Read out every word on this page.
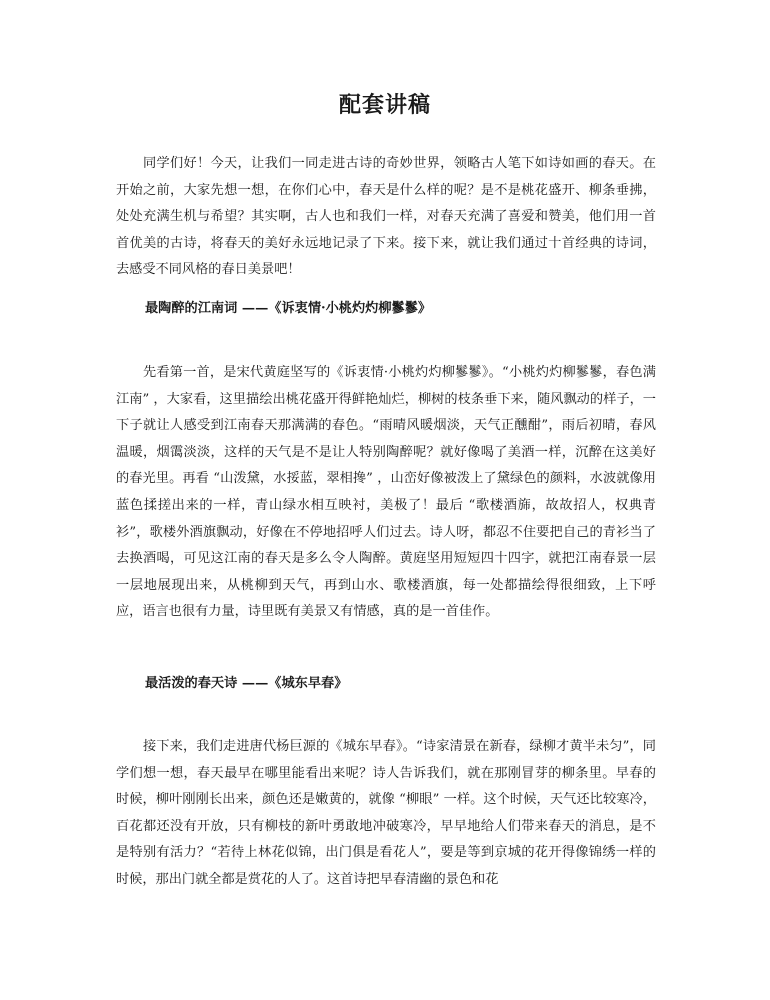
配套讲稿

同学们好！今天，让我们一同走进古诗的奇妙世界，领略古人笔下如诗如画的春天。在开始之前，大家先想一想，在你们心中，春天是什么样的呢？是不是桃花盛开、柳条垂拂，处处充满生机与希望？其实啊，古人也和我们一样，对春天充满了喜爱和赞美，他们用一首首优美的古诗，将春天的美好永远地记录了下来。接下来，就让我们通过十首经典的诗词，去感受不同风格的春日美景吧！

最陶醉的江南词 ——《诉衷情·小桃灼灼柳鬖鬖》

先看第一首，是宋代黄庭坚写的《诉衷情·小桃灼灼柳鬖鬖》。“小桃灼灼柳鬖鬖，春色满江南” ，大家看，这里描绘出桃花盛开得鲜艳灿烂，柳树的枝条垂下来，随风飘动的样子，一下子就让人感受到江南春天那满满的春色。“雨晴风暖烟淡，天气正醺酣”，雨后初晴，春风温暖，烟霭淡淡，这样的天气是不是让人特别陶醉呢？就好像喝了美酒一样，沉醉在这美好的春光里。再看 “山泼黛，水挼蓝，翠相搀” ，山峦好像被泼上了黛绿色的颜料，水波就像用蓝色揉搓出来的一样，青山绿水相互映衬，美极了！最后 “歌楼酒旆，故故招人，权典青衫”，歌楼外酒旗飘动，好像在不停地招呼人们过去。诗人呀，都忍不住要把自己的青衫当了去换酒喝，可见这江南的春天是多么令人陶醉。黄庭坚用短短四十四字，就把江南春景一层一层地展现出来，从桃柳到天气，再到山水、歌楼酒旗，每一处都描绘得很细致，上下呼应，语言也很有力量，诗里既有美景又有情感，真的是一首佳作。

最活泼的春天诗 ——《城东早春》

接下来，我们走进唐代杨巨源的《城东早春》。“诗家清景在新春，绿柳才黄半未匀”，同学们想一想，春天最早在哪里能看出来呢？诗人告诉我们，就在那刚冒芽的柳条里。早春的时候，柳叶刚刚长出来，颜色还是嫩黄的，就像 “柳眼” 一样。这个时候，天气还比较寒冷，百花都还没有开放，只有柳枝的新叶勇敢地冲破寒冷，早早地给人们带来春天的消息，是不是特别有活力？“若待上林花似锦，出门俱是看花人”，要是等到京城的花开得像锦绣一样的时候，那出门就全都是赏花的人了。这首诗把早春清幽的景色和花
